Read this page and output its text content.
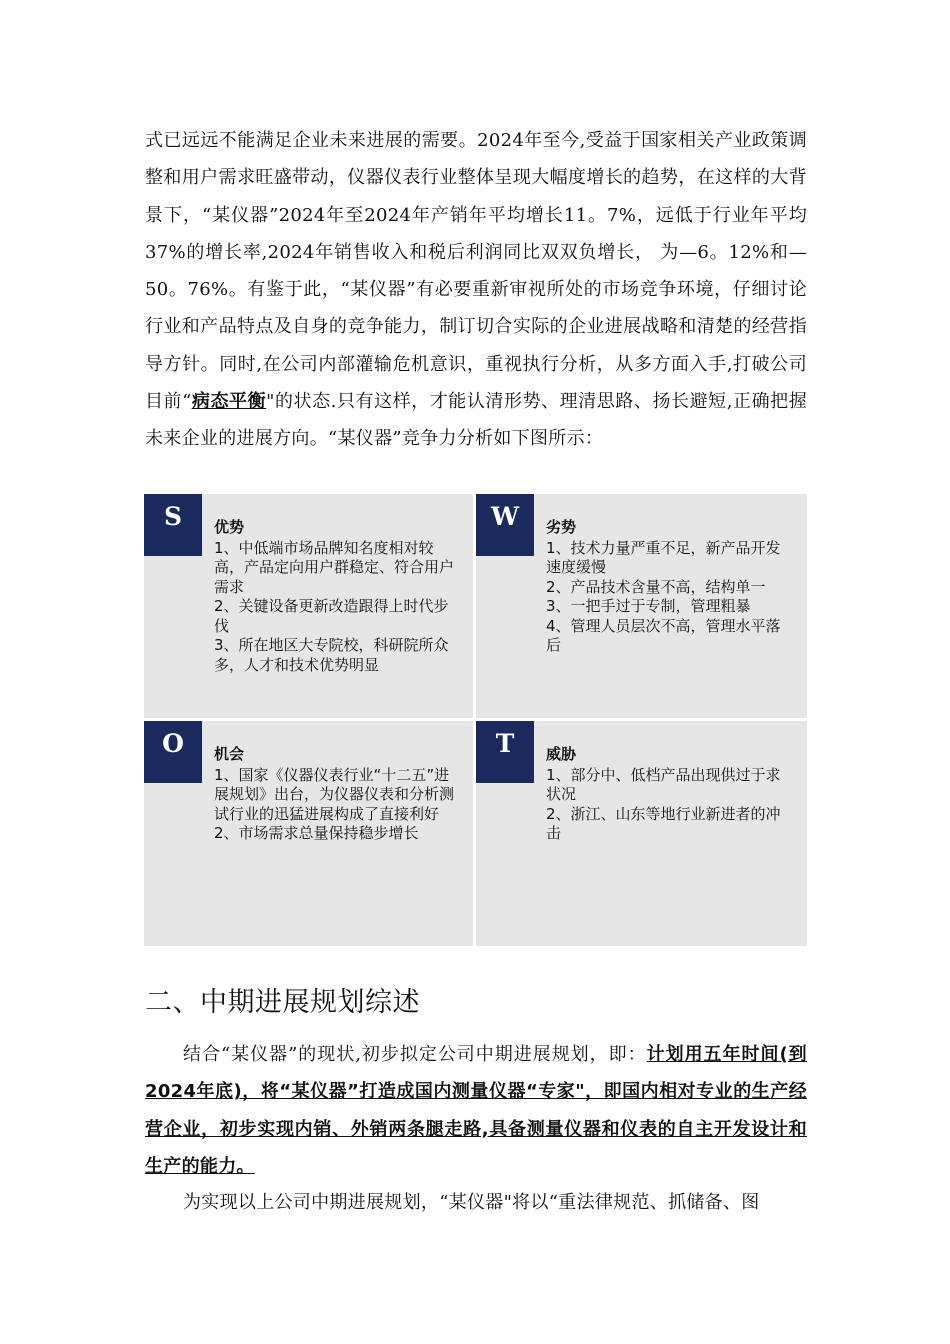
式已远远不能满足企业未来进展的需要。2024年至今,受益于国家相关产业政策调整和用户需求旺盛带动，仪器仪表行业整体呈现大幅度增长的趋势，在这样的大背景下，“某仪器”2024年至2024年产销年平均增长11。7%，远低于行业年平均37%的增长率,2024年销售收入和税后利润同比双双负增长， 为—6。12%和—50。76%。有鉴于此，“某仪器”有必要重新审视所处的市场竞争环境，仔细讨论行业和产品特点及自身的竞争能力，制订切合实际的企业进展战略和清楚的经营指导方针。同时,在公司内部灌输危机意识，重视执行分析，从多方面入手,打破公司目前“病态平衡"的状态.只有这样，才能认清形势、理清思路、扬长避短,正确把握未来企业的进展方向。“某仪器”竞争力分析如下图所示：

S	优势

1、中低端市场品牌知名度相对较高，产品定向用户群稳定、符合用户需求

2、关键设备更新改造跟得上时代步伐

3、所在地区大专院校，科研院所众多，人才和技术优势明显

W	劣势

1、技术力量严重不足，新产品开发速度缓慢

2、产品技术含量不高，结构单一

3、一把手过于专制，管理粗暴

4、管理人员层次不高，管理水平落后

O	机会

1、国家《仪器仪表行业“十二五”进展规划》出台，为仪器仪表和分析测试行业的迅猛进展构成了直接利好

2、市场需求总量保持稳步增长

T	威胁

1、部分中、低档产品出现供过于求状况

2、浙江、山东等地行业新进者的冲击

二、中期进展规划综述

结合“某仪器”的现状,初步拟定公司中期进展规划，即：计划用五年时间(到2024年底)，将“某仪器”打造成国内测量仪器“专家"，即国内相对专业的生产经营企业，初步实现内销、外销两条腿走路,具备测量仪器和仪表的自主开发设计和生产的能力。

为实现以上公司中期进展规划，“某仪器"将以“重法律规范、抓储备、图
